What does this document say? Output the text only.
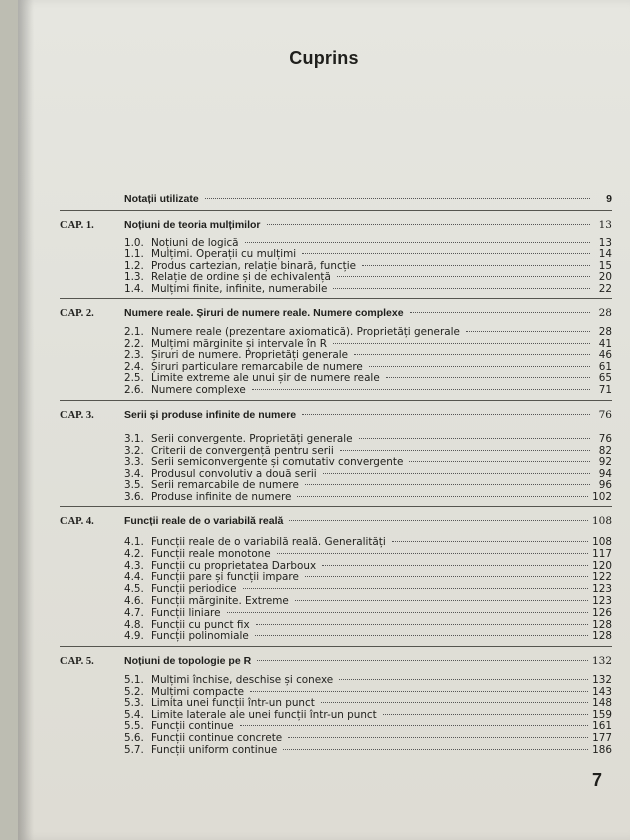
Cuprins
Notații utilizate	9
CAP. 1.	Noțiuni de teoria mulțimilor	13
1.0. Noțiuni de logică	13
1.1. Mulțimi. Operații cu mulțimi	14
1.2. Produs cartezian, relație binară, funcție	15
1.3. Relație de ordine și de echivalență	20
1.4. Mulțimi finite, infinite, numerabile	22
CAP. 2.	Numere reale. Șiruri de numere reale. Numere complexe	28
2.1. Numere reale (prezentare axiomatică). Proprietăți generale	28
2.2. Mulțimi mărginite și intervale în R	41
2.3. Șiruri de numere. Proprietăți generale	46
2.4. Șiruri particulare remarcabile de numere	61
2.5. Limite extreme ale unui șir de numere reale	65
2.6. Numere complexe	71
CAP. 3.	Serii și produse infinite de numere	76
3.1. Serii convergente. Proprietăți generale	76
3.2. Criterii de convergență pentru serii	82
3.3. Serii semiconvergente și comutativ convergente	92
3.4. Produsul convolutiv a două serii	94
3.5. Serii remarcabile de numere	96
3.6. Produse infinite de numere	102
CAP. 4.	Funcții reale de o variabilă reală	108
4.1. Funcții reale de o variabilă reală. Generalități	108
4.2. Funcții reale monotone	117
4.3. Funcții cu proprietatea Darboux	120
4.4. Funcții pare și funcții impare	122
4.5. Funcții periodice	123
4.6. Funcții mărginite. Extreme	123
4.7. Funcții liniare	126
4.8. Funcții cu punct fix	128
4.9. Funcții polinomiale	128
CAP. 5.	Noțiuni de topologie pe R	132
5.1. Mulțimi închise, deschise și conexe	132
5.2. Mulțimi compacte	143
5.3. Limita unei funcții într-un punct	148
5.4. Limite laterale ale unei funcții într-un punct	159
5.5. Funcții continue	161
5.6. Funcții continue concrete	177
5.7. Funcții uniform continue	186
7
